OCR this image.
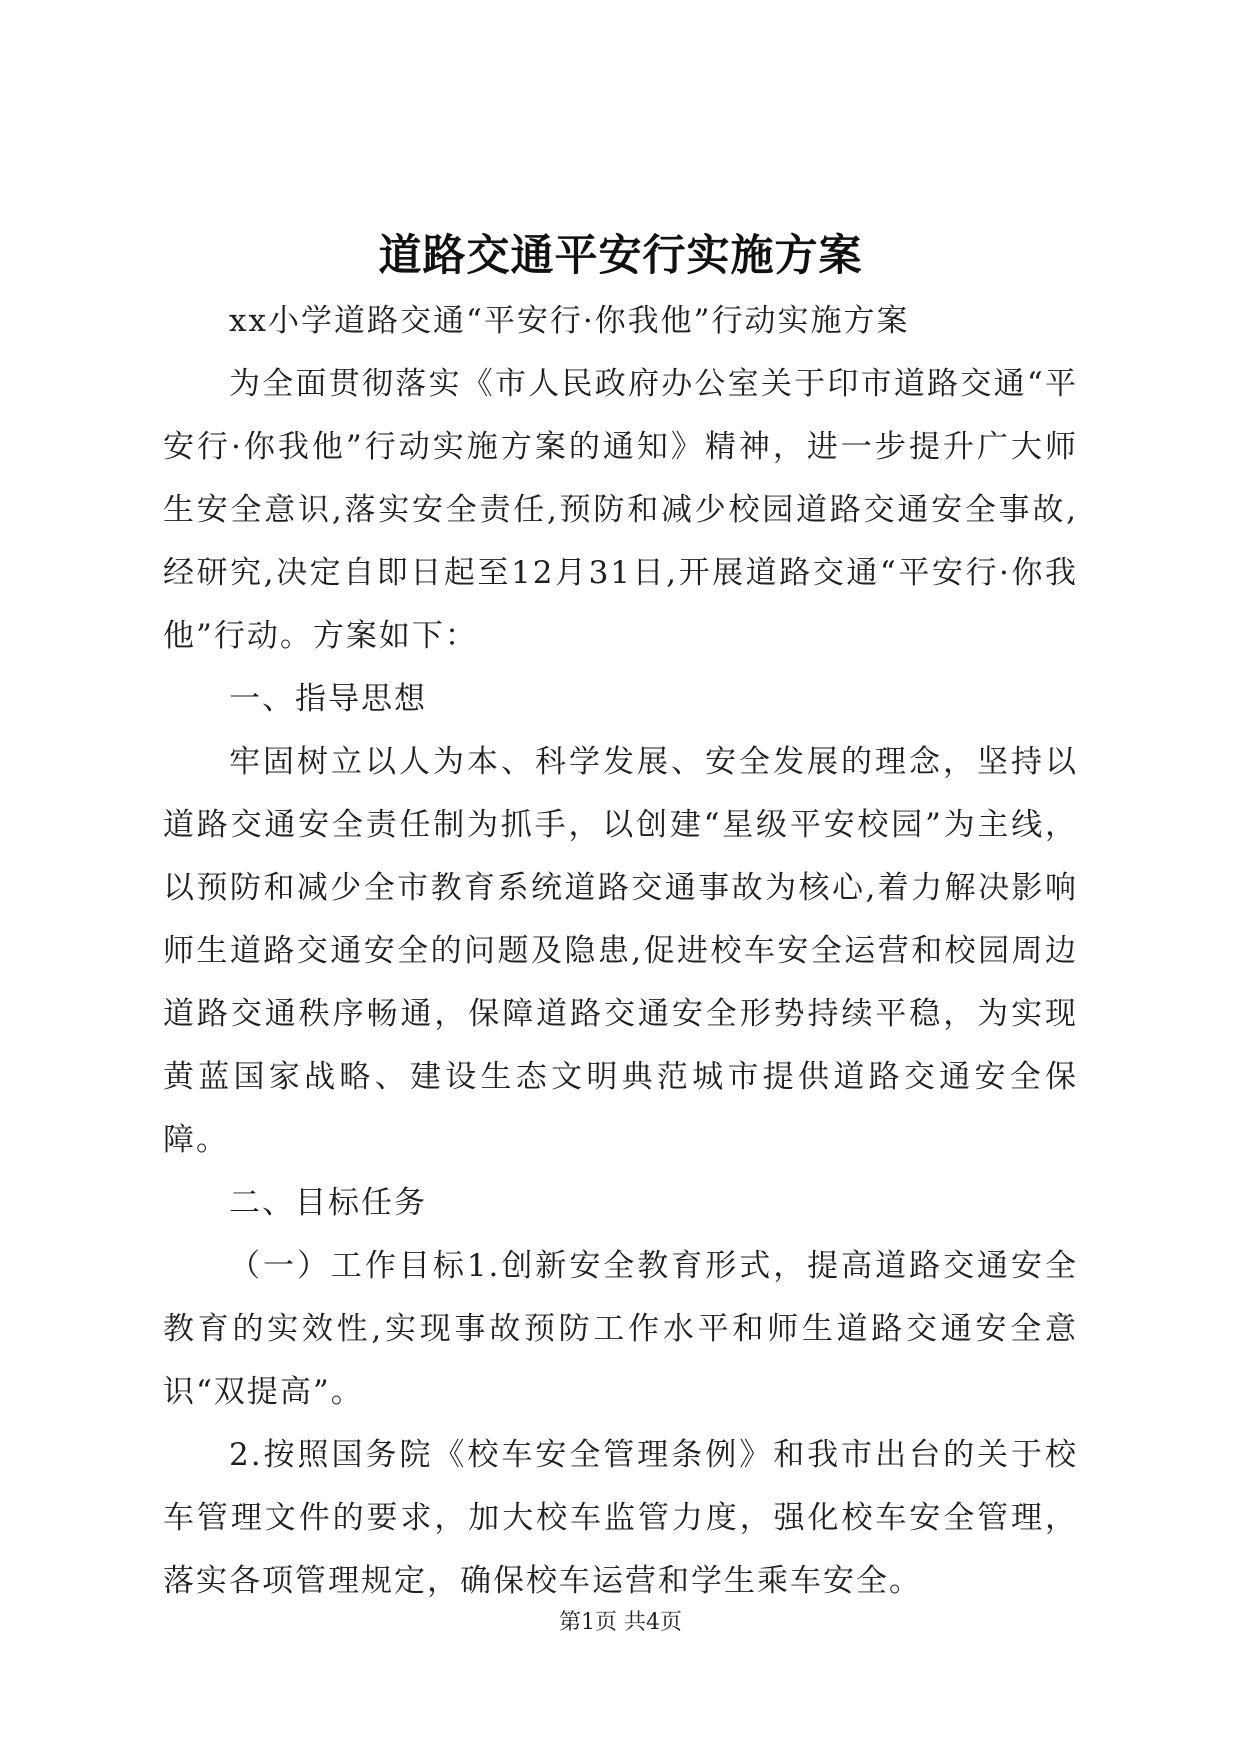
道路交通平安行实施方案

xx小学道路交通“平安行·你我他”行动实施方案

为全面贯彻落实《市人民政府办公室关于印市道路交通“平安行·你我他”行动实施方案的通知》精神，进一步提升广大师生安全意识,落实安全责任,预防和减少校园道路交通安全事故,经研究,决定自即日起至12月31日,开展道路交通“平安行·你我他”行动。方案如下：

一、指导思想

牢固树立以人为本、科学发展、安全发展的理念，坚持以道路交通安全责任制为抓手，以创建“星级平安校园”为主线，以预防和减少全市教育系统道路交通事故为核心,着力解决影响师生道路交通安全的问题及隐患,促进校车安全运营和校园周边道路交通秩序畅通，保障道路交通安全形势持续平稳，为实现黄蓝国家战略、建设生态文明典范城市提供道路交通安全保障。

二、目标任务

（一）工作目标1.创新安全教育形式，提高道路交通安全教育的实效性,实现事故预防工作水平和师生道路交通安全意识“双提高”。

2.按照国务院《校车安全管理条例》和我市出台的关于校车管理文件的要求，加大校车监管力度，强化校车安全管理，落实各项管理规定，确保校车运营和学生乘车安全。

第1页 共4页
